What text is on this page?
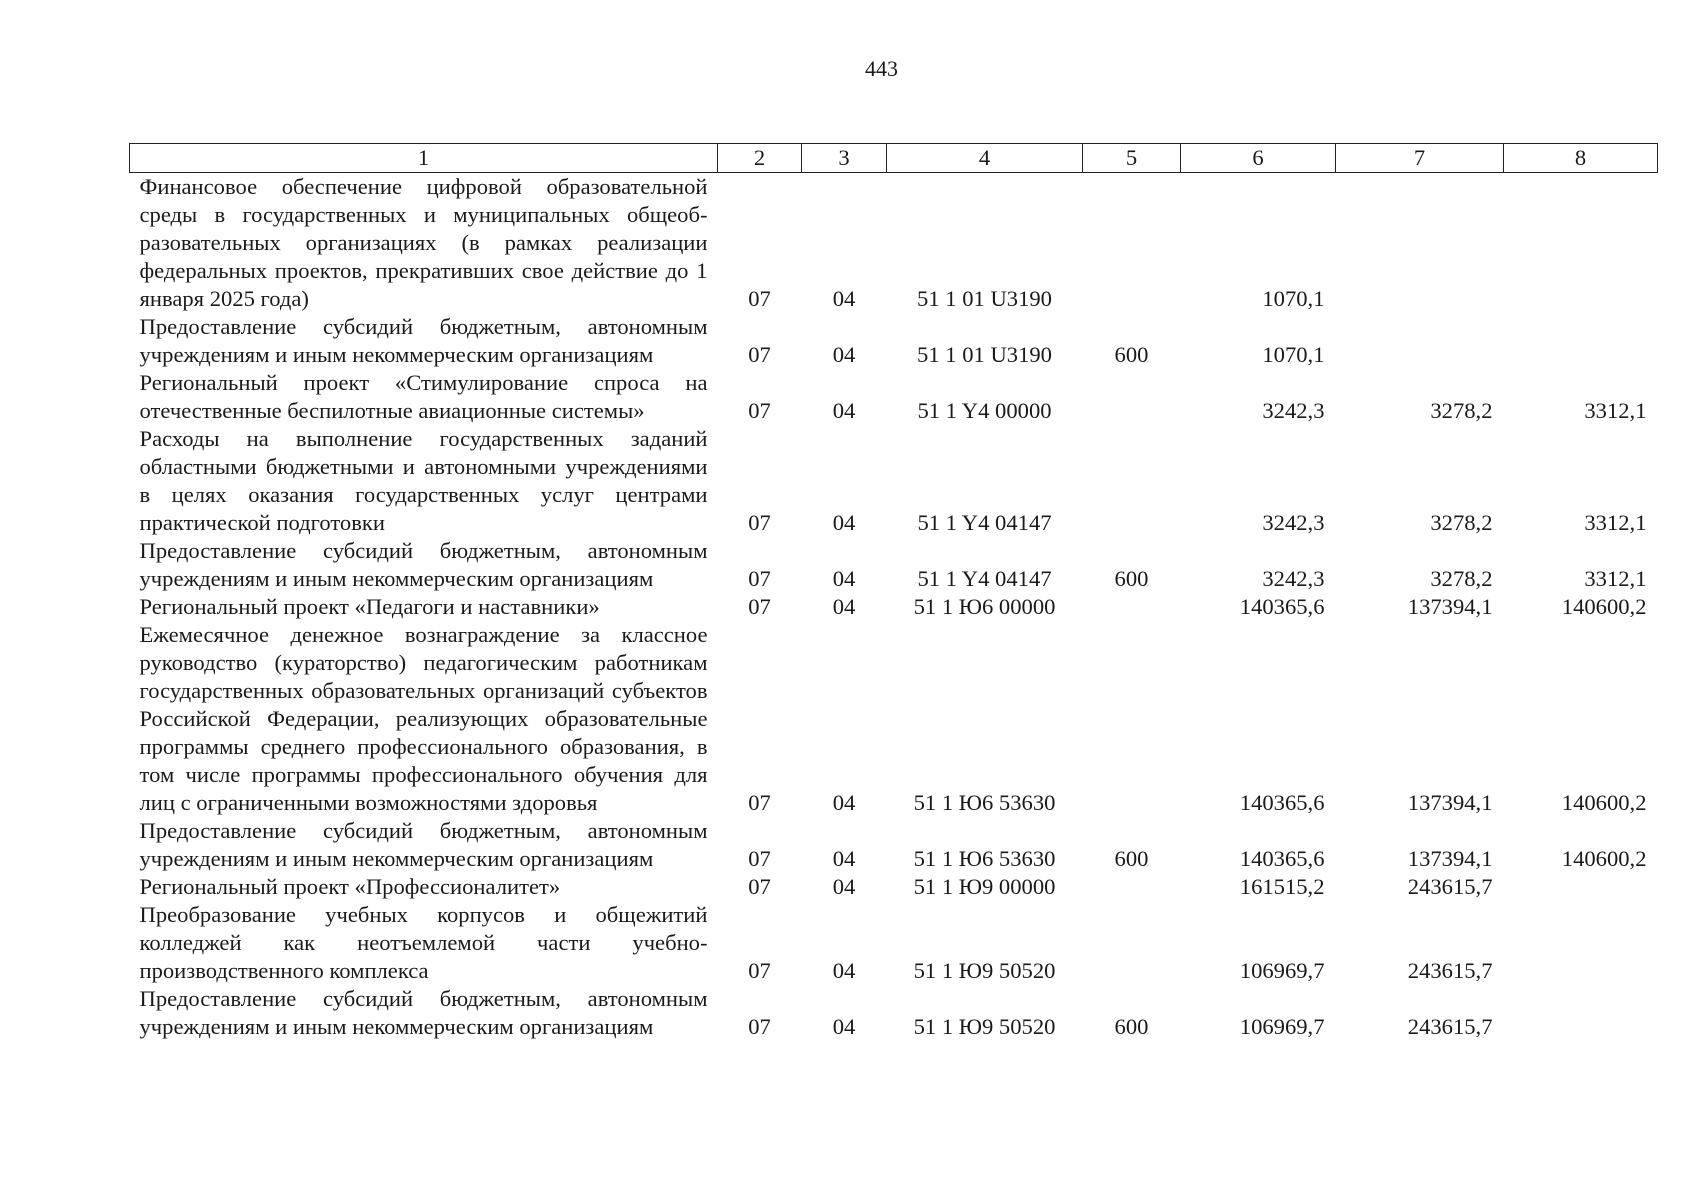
443
1	2	3	4	5	6	7	8
Финансовое обеспечение цифровой образовательной среды в государственных и муниципальных общеобразовательных организациях (в рамках реализации федеральных проектов, прекративших свое действие до 1 января 2025 года)	07	04	51 1 01 U3190		1070,1		
Предоставление субсидий бюджетным, автономным учреждениям и иным некоммерческим организациям	07	04	51 1 01 U3190	600	1070,1		
Региональный проект «Стимулирование спроса на отечественные беспилотные авиационные системы»	07	04	51 1 Y4 00000		3242,3	3278,2	3312,1
Расходы на выполнение государственных заданий областными бюджетными и автономными учреждениями в целях оказания государственных услуг центрами практической подготовки	07	04	51 1 Y4 04147		3242,3	3278,2	3312,1
Предоставление субсидий бюджетным, автономным учреждениям и иным некоммерческим организациям	07	04	51 1 Y4 04147	600	3242,3	3278,2	3312,1
Региональный проект «Педагоги и наставники»	07	04	51 1 Ю6 00000		140365,6	137394,1	140600,2
Ежемесячное денежное вознаграждение за классное руководство (кураторство) педагогическим работникам государственных образовательных организаций субъектов Российской Федерации, реализующих образовательные программы среднего профессионального образования, в том числе программы профессионального обучения для лиц с ограниченными возможностями здоровья	07	04	51 1 Ю6 53630		140365,6	137394,1	140600,2
Предоставление субсидий бюджетным, автономным учреждениям и иным некоммерческим организациям	07	04	51 1 Ю6 53630	600	140365,6	137394,1	140600,2
Региональный проект «Профессионалитет»	07	04	51 1 Ю9 00000		161515,2	243615,7	
Преобразование учебных корпусов и общежитий колледжей как неотъемлемой части учебно-производственного комплекса	07	04	51 1 Ю9 50520		106969,7	243615,7	
Предоставление субсидий бюджетным, автономным учреждениям и иным некоммерческим организациям	07	04	51 1 Ю9 50520	600	106969,7	243615,7	
